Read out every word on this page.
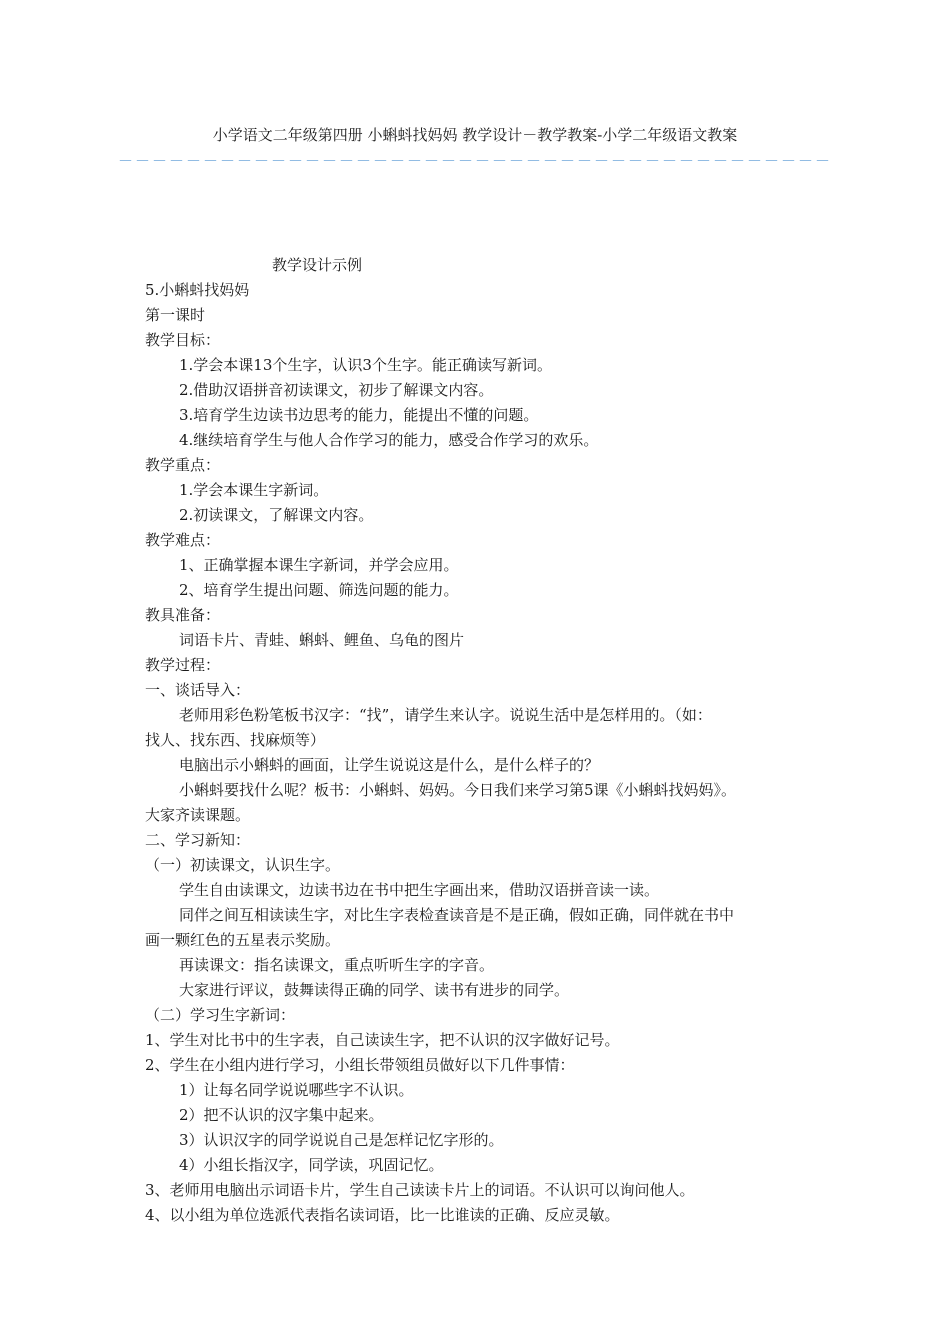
小学语文二年级第四册 小蝌蚪找妈妈 教学设计－教学教案-小学二年级语文教案
－－－－－－－－－－－－－－－－－－－－－－－－－－－－－－－－－－－－－－－－－－
教学设计示例
5.小蝌蚪找妈妈
第一课时
教学目标：
1.学会本课13个生字，认识3个生字。能正确读写新词。
2.借助汉语拼音初读课文，初步了解课文内容。
3.培育学生边读书边思考的能力，能提出不懂的问题。
4.继续培育学生与他人合作学习的能力，感受合作学习的欢乐。
教学重点：
1.学会本课生字新词。
2.初读课文，了解课文内容。
教学难点：
1、正确掌握本课生字新词，并学会应用。
2、培育学生提出问题、筛选问题的能力。
教具准备：
词语卡片、青蛙、蝌蚪、鲤鱼、乌龟的图片
教学过程：
一、谈话导入：
老师用彩色粉笔板书汉字：“找”，请学生来认字。说说生活中是怎样用的。（如：
找人、找东西、找麻烦等）
电脑出示小蝌蚪的画面，让学生说说这是什么，是什么样子的？
小蝌蚪要找什么呢？板书：小蝌蚪、妈妈。今日我们来学习第5课《小蝌蚪找妈妈》。
大家齐读课题。
二、学习新知：
（一）初读课文，认识生字。
学生自由读课文，边读书边在书中把生字画出来，借助汉语拼音读一读。
同伴之间互相读读生字，对比生字表检查读音是不是正确，假如正确，同伴就在书中
画一颗红色的五星表示奖励。
再读课文：指名读课文，重点听听生字的字音。
大家进行评议，鼓舞读得正确的同学、读书有进步的同学。
（二）学习生字新词：
1、学生对比书中的生字表，自己读读生字，把不认识的汉字做好记号。
2、学生在小组内进行学习，小组长带领组员做好以下几件事情：
1）让每名同学说说哪些字不认识。
2）把不认识的汉字集中起来。
3）认识汉字的同学说说自己是怎样记忆字形的。
4）小组长指汉字，同学读，巩固记忆。
3、老师用电脑出示词语卡片，学生自己读读卡片上的词语。不认识可以询问他人。
4、以小组为单位选派代表指名读词语，比一比谁读的正确、反应灵敏。
